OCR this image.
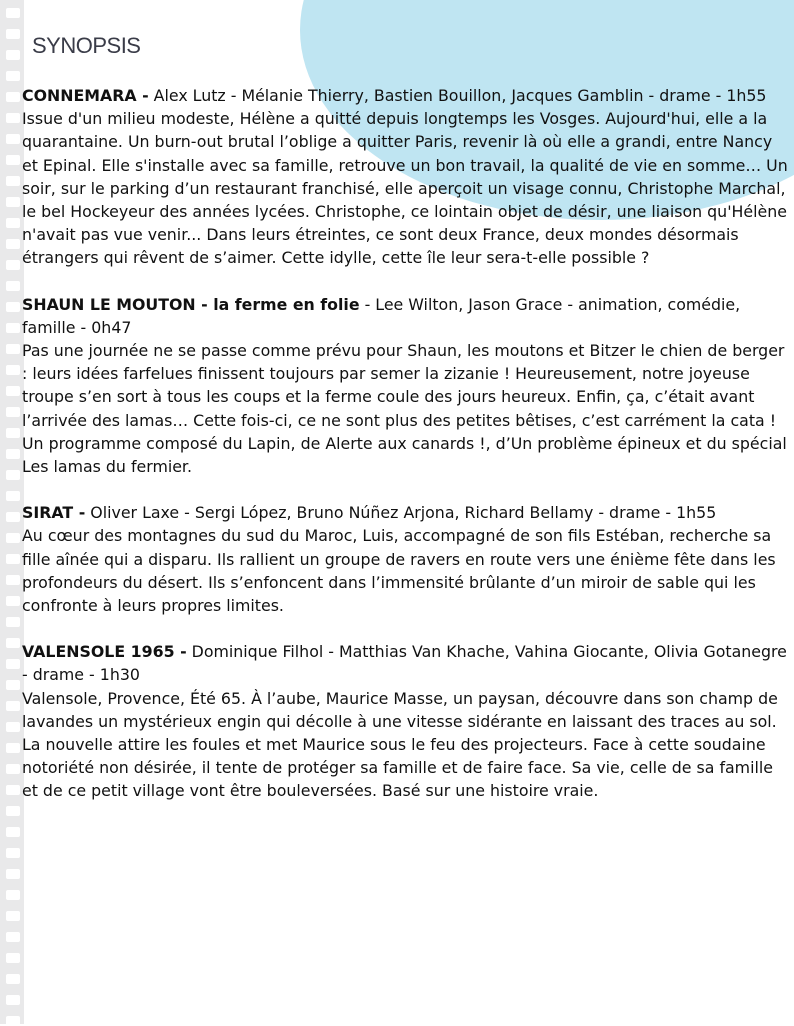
SYNOPSIS

CONNEMARA - Alex Lutz - Mélanie Thierry, Bastien Bouillon, Jacques Gamblin - drame - 1h55

Issue d'un milieu modeste, Hélène a quitté depuis longtemps les Vosges. Aujourd'hui, elle a la quarantaine. Un burn-out brutal l’oblige a quitter Paris, revenir là où elle a grandi, entre Nancy et Epinal. Elle s'installe avec sa famille, retrouve un bon travail, la qualité de vie en somme… Un soir, sur le parking d’un restaurant franchisé, elle aperçoit un visage connu, Christophe Marchal, le bel Hockeyeur des années lycées. Christophe, ce lointain objet de désir, une liaison qu'Hélène n'avait pas vue venir... Dans leurs étreintes, ce sont deux France, deux mondes désormais étrangers qui rêvent de s’aimer. Cette idylle, cette île leur sera-t-elle possible ?

SHAUN LE MOUTON - la ferme en folie - Lee Wilton, Jason Grace - animation, comédie, famille - 0h47

Pas une journée ne se passe comme prévu pour Shaun, les moutons et Bitzer le chien de berger : leurs idées farfelues finissent toujours par semer la zizanie ! Heureusement, notre joyeuse troupe s’en sort à tous les coups et la ferme coule des jours heureux. Enfin, ça, c’était avant l’arrivée des lamas… Cette fois-ci, ce ne sont plus des petites bêtises, c’est carrément la cata ! Un programme composé du Lapin, de Alerte aux canards !, d’Un problème épineux et du spécial Les lamas du fermier.

SIRAT - Oliver Laxe - Sergi López, Bruno Núñez Arjona, Richard Bellamy - drame - 1h55

Au cœur des montagnes du sud du Maroc, Luis, accompagné de son fils Estéban, recherche sa fille aînée qui a disparu. Ils rallient un groupe de ravers en route vers une énième fête dans les profondeurs du désert. Ils s’enfoncent dans l’immensité brûlante d’un miroir de sable qui les confronte à leurs propres limites.

VALENSOLE 1965 - Dominique Filhol - Matthias Van Khache, Vahina Giocante, Olivia Gotanegre - drame - 1h30

Valensole, Provence, Été 65. À l’aube, Maurice Masse, un paysan, découvre dans son champ de lavandes un mystérieux engin qui décolle à une vitesse sidérante en laissant des traces au sol. La nouvelle attire les foules et met Maurice sous le feu des projecteurs. Face à cette soudaine notoriété non désirée, il tente de protéger sa famille et de faire face. Sa vie, celle de sa famille et de ce petit village vont être bouleversées. Basé sur une histoire vraie.
